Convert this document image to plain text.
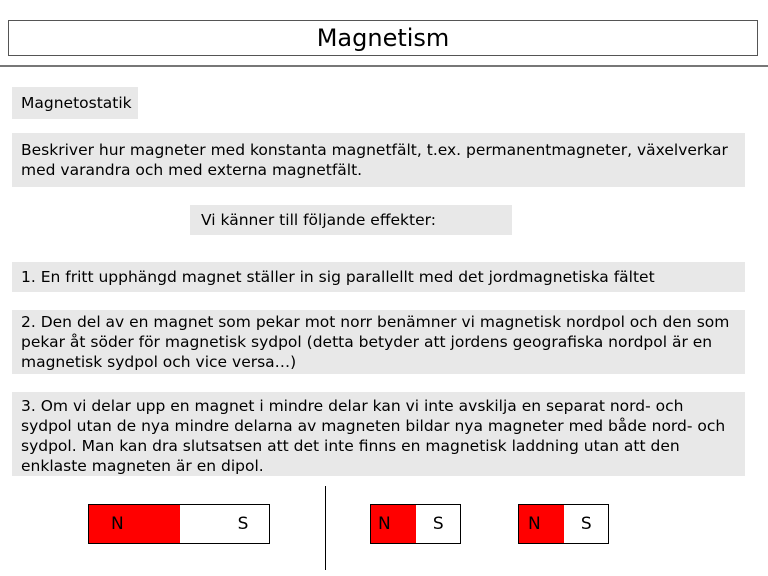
Magnetism
Magnetostatik
Beskriver hur magneter med konstanta magnetfält, t.ex. permanentmagneter, växelverkar med varandra och med externa magnetfält.
Vi känner till följande effekter:
1. En fritt upphängd magnet ställer in sig parallellt med det jordmagnetiska fältet
2. Den del av en magnet som pekar mot norr benämner vi magnetisk nordpol och den som pekar åt söder för magnetisk sydpol (detta betyder att jordens geografiska nordpol är en magnetisk sydpol och vice versa…)
3. Om vi delar upp en magnet i mindre delar kan vi inte avskilja en separat nord- och sydpol utan de nya mindre delarna av magneten bildar nya magneter med både nord- och sydpol. Man kan dra slutsatsen att det inte finns en magnetisk laddning utan att den enklaste magneten är en dipol.
N	S	N	S	N	S
